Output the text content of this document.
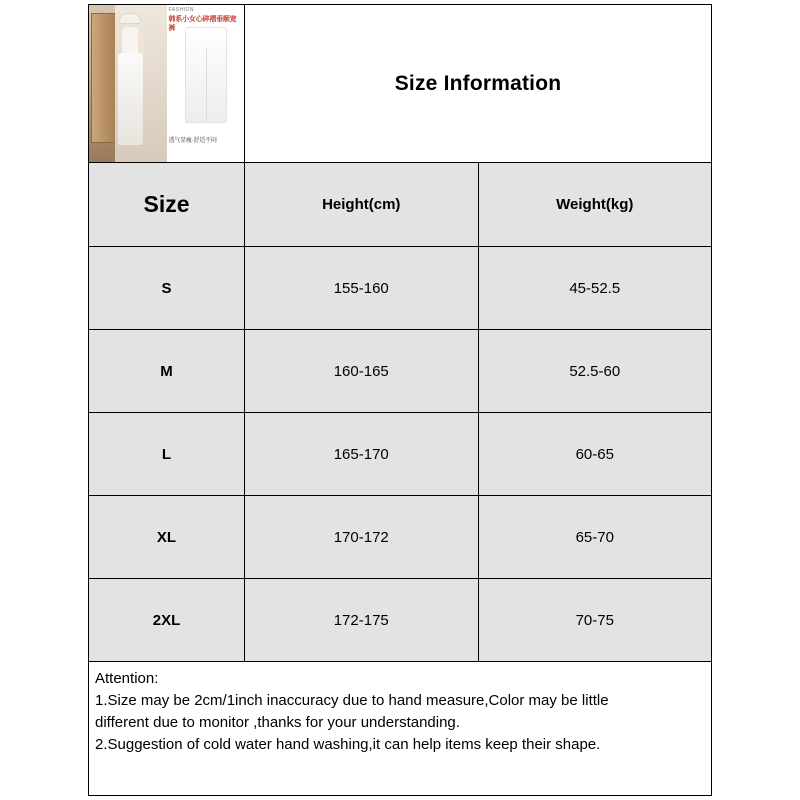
FASHION
韩系小女心碎褶垂顺宽裤
透气显瘦·舒适不闷
Size Information
Size	Height(cm)	Weight(kg)
S	155-160	45-52.5
M	160-165	52.5-60
L	165-170	60-65
XL	170-172	65-70
2XL	172-175	70-75

Attention:

1.Size may be 2cm/1inch inaccuracy due to hand measure,Color may be little

different due to monitor ,thanks for your understanding.

2.Suggestion of cold water hand washing,it can help items keep their shape.
